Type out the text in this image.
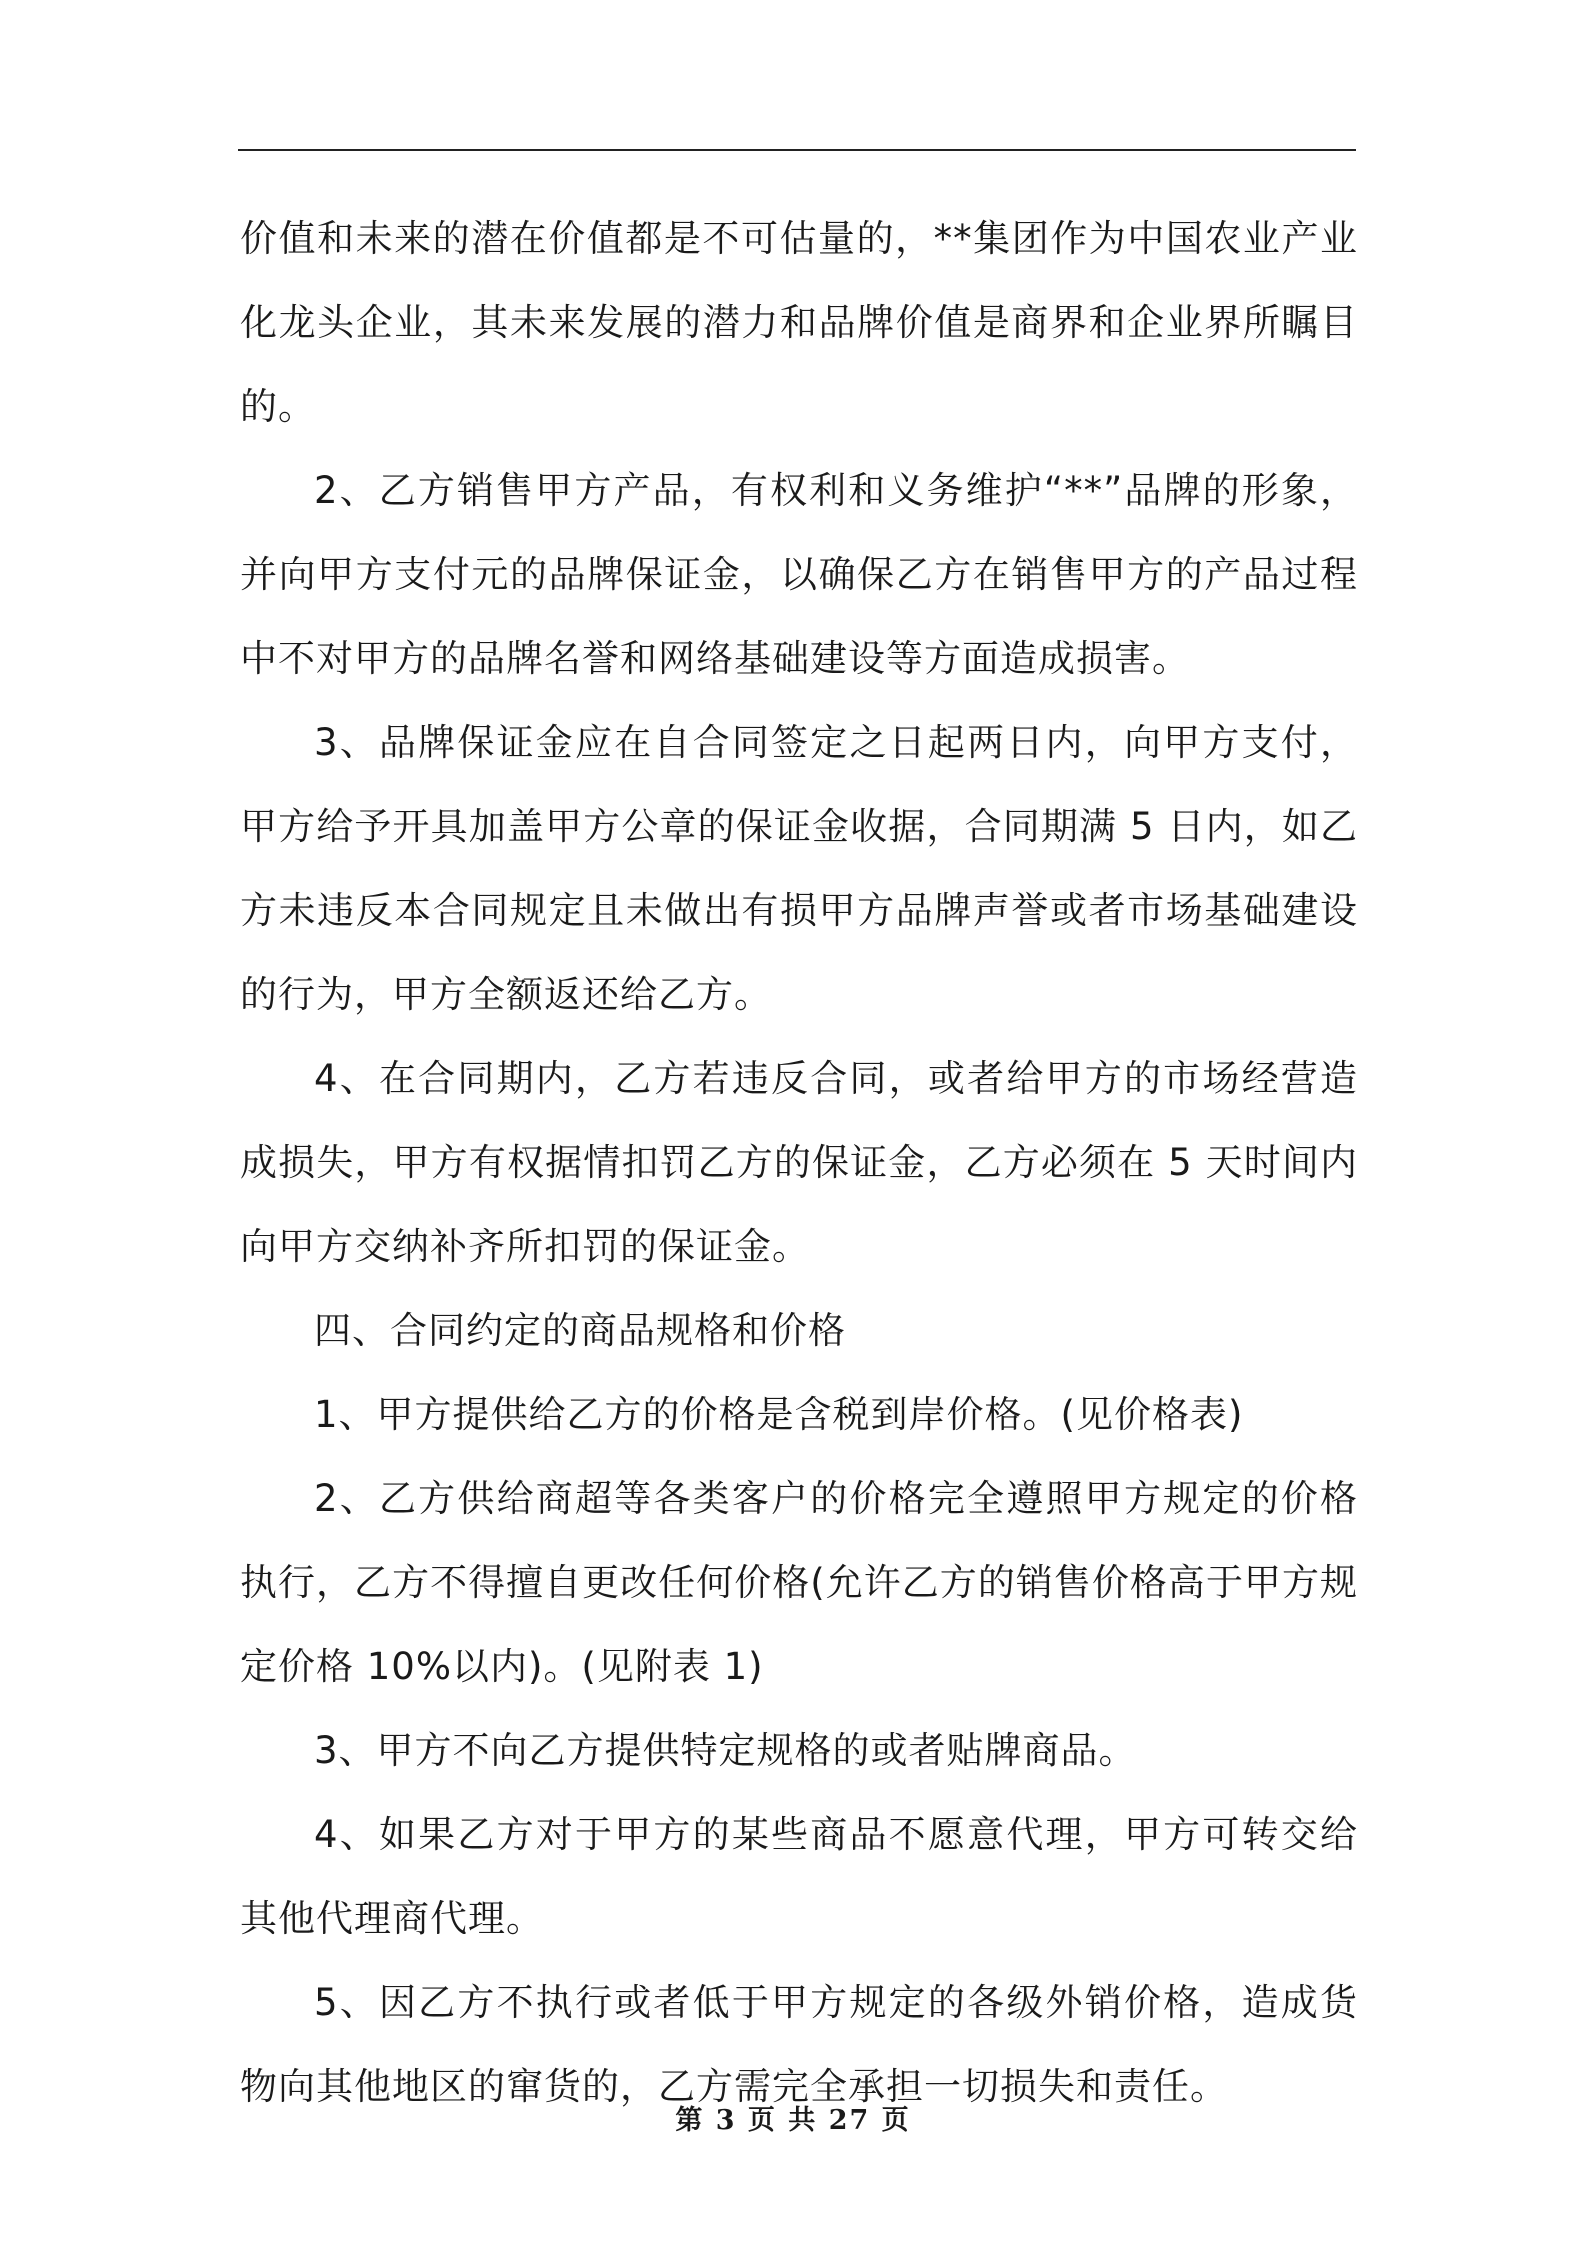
价值和未来的潜在价值都是不可估量的，**集团作为中国农业产业化龙头企业，其未来发展的潜力和品牌价值是商界和企业界所瞩目的。

2、乙方销售甲方产品，有权利和义务维护“**”品牌的形象，并向甲方支付元的品牌保证金，以确保乙方在销售甲方的产品过程中不对甲方的品牌名誉和网络基础建设等方面造成损害。

3、品牌保证金应在自合同签定之日起两日内，向甲方支付，甲方给予开具加盖甲方公章的保证金收据，合同期满 5 日内，如乙方未违反本合同规定且未做出有损甲方品牌声誉或者市场基础建设的行为，甲方全额返还给乙方。

4、在合同期内，乙方若违反合同，或者给甲方的市场经营造成损失，甲方有权据情扣罚乙方的保证金，乙方必须在 5 天时间内向甲方交纳补齐所扣罚的保证金。

四、合同约定的商品规格和价格

1、甲方提供给乙方的价格是含税到岸价格。(见价格表)

2、乙方供给商超等各类客户的价格完全遵照甲方规定的价格执行，乙方不得擅自更改任何价格(允许乙方的销售价格高于甲方规定价格 10%以内)。(见附表 1)

3、甲方不向乙方提供特定规格的或者贴牌商品。

4、如果乙方对于甲方的某些商品不愿意代理，甲方可转交给其他代理商代理。

5、因乙方不执行或者低于甲方规定的各级外销价格，造成货物向其他地区的窜货的，乙方需完全承担一切损失和责任。

第 3 页 共 27 页
